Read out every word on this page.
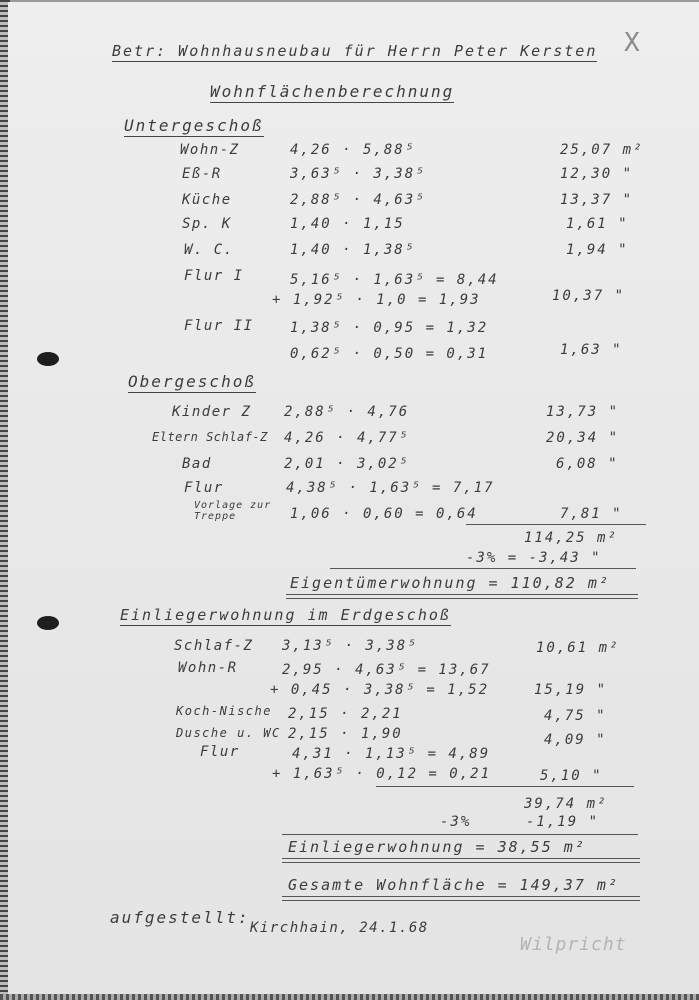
Betr: Wohnhausneubau für Herrn Peter Kersten X
Wohnflächenberechnung
Untergeschoß
Wohn-Z	4,26 · 5,88⁵	25,07 m²
Eß-R	3,63⁵ · 3,38⁵	12,30 "
Küche	2,88⁵ · 4,63⁵	13,37 "
Sp. K	1,40 · 1,15	1,61 "
W. C.	1,40 · 1,38⁵	1,94 "
Flur I	5,16⁵ · 1,63⁵ = 8,44
+ 1,92⁵ · 1,0 = 1,93	10,37 "
Flur II	1,38⁵ · 0,95 = 1,32
0,62⁵ · 0,50 = 0,31	1,63 "
Obergeschoß
Kinder Z 2,88⁵ · 4,76	13,73 "
Eltern Schlaf-Z 4,26 · 4,77⁵	20,34 "
Bad	2,01 · 3,02⁵	6,08 "
Flur	4,38⁵ · 1,63⁵ = 7,17
Vorlage zur Treppe	1,06 · 0,60 = 0,64	7,81 "
114,25 m²
-3% = -3,43 "
Eigentümerwohnung = 110,82 m²
Einliegerwohnung im Erdgeschoß
Schlaf-Z 3,13⁵ · 3,38⁵	10,61 m²
Wohn-R	2,95 · 4,63⁵ = 13,67
+ 0,45 · 3,38⁵ = 1,52	15,19 "
Koch-Nische 2,15 · 2,21	4,75 "
Dusche u. WC 2,15 · 1,90	4,09 "
Flur	4,31 · 1,13⁵ = 4,89
+ 1,63⁵ · 0,12 = 0,21	5,10 "
39,74 m²
-3%	-1,19 "
Einliegerwohnung = 38,55 m²
Gesamte Wohnfläche = 149,37 m²
aufgestellt:
Kirchhain, 24.1.68
Wilpricht
